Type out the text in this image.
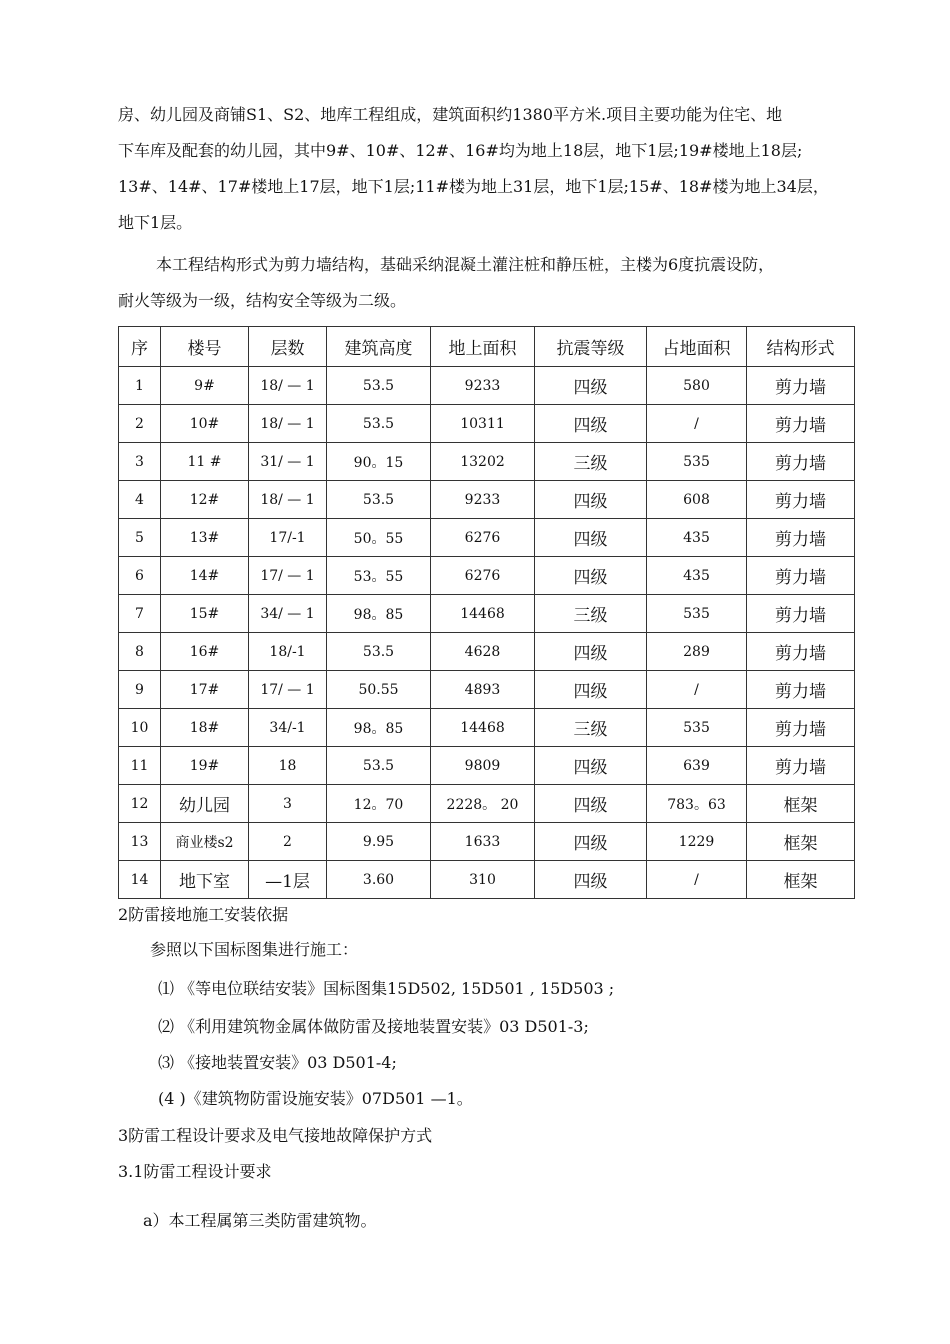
房、幼儿园及商铺S1、S2、地库工程组成，建筑面积约1380平方米.项目主要功能为住宅、地

下车库及配套的幼儿园，其中9#、10#、12#、16#均为地上18层，地下1层;19#楼地上18层;

13#、14#、17#楼地上17层，地下1层;11#楼为地上31层，地下1层;15#、18#楼为地上34层，

地下1层。

本工程结构形式为剪力墙结构，基础采纳混凝土灌注桩和静压桩，主楼为6度抗震设防，

耐火等级为一级，结构安全等级为二级。

序	楼号	层数	建筑高度	地上面积	抗震等级	占地面积	结构形式
1	9#	18/ — 1	53.5	9233	四级	580	剪力墙
2	10#	18/ — 1	53.5	10311	四级	/	剪力墙
3	11 #	31/ — 1	90。15	13202	三级	535	剪力墙
4	12#	18/ — 1	53.5	9233	四级	608	剪力墙
5	13#	17/-1	50。55	6276	四级	435	剪力墙
6	14#	17/ — 1	53。55	6276	四级	435	剪力墙
7	15#	34/ — 1	98。85	14468	三级	535	剪力墙
8	16#	18/-1	53.5	4628	四级	289	剪力墙
9	17#	17/ — 1	50.55	4893	四级	/	剪力墙
10	18#	34/-1	98。85	14468	三级	535	剪力墙
11	19#	18	53.5	9809	四级	639	剪力墙
12	幼儿园	3	12。70	2228。 20	四级	783。63	框架
13	商业楼s2	2	9.95	1633	四级	1229	框架
14	地下室	—1层	3.60	310	四级	/	框架
2防雷接地施工安装依据
参照以下国标图集进行施工：
⑴ 《等电位联结安装》国标图集15D502, 15D501 , 15D503 ;
⑵ 《利用建筑物金属体做防雷及接地装置安装》03 D501-3;
⑶ 《接地装置安装》03 D501-4;
(4 )《建筑物防雷设施安装》07D501 —1。
3防雷工程设计要求及电气接地故障保护方式
3.1防雷工程设计要求
a）本工程属第三类防雷建筑物。
